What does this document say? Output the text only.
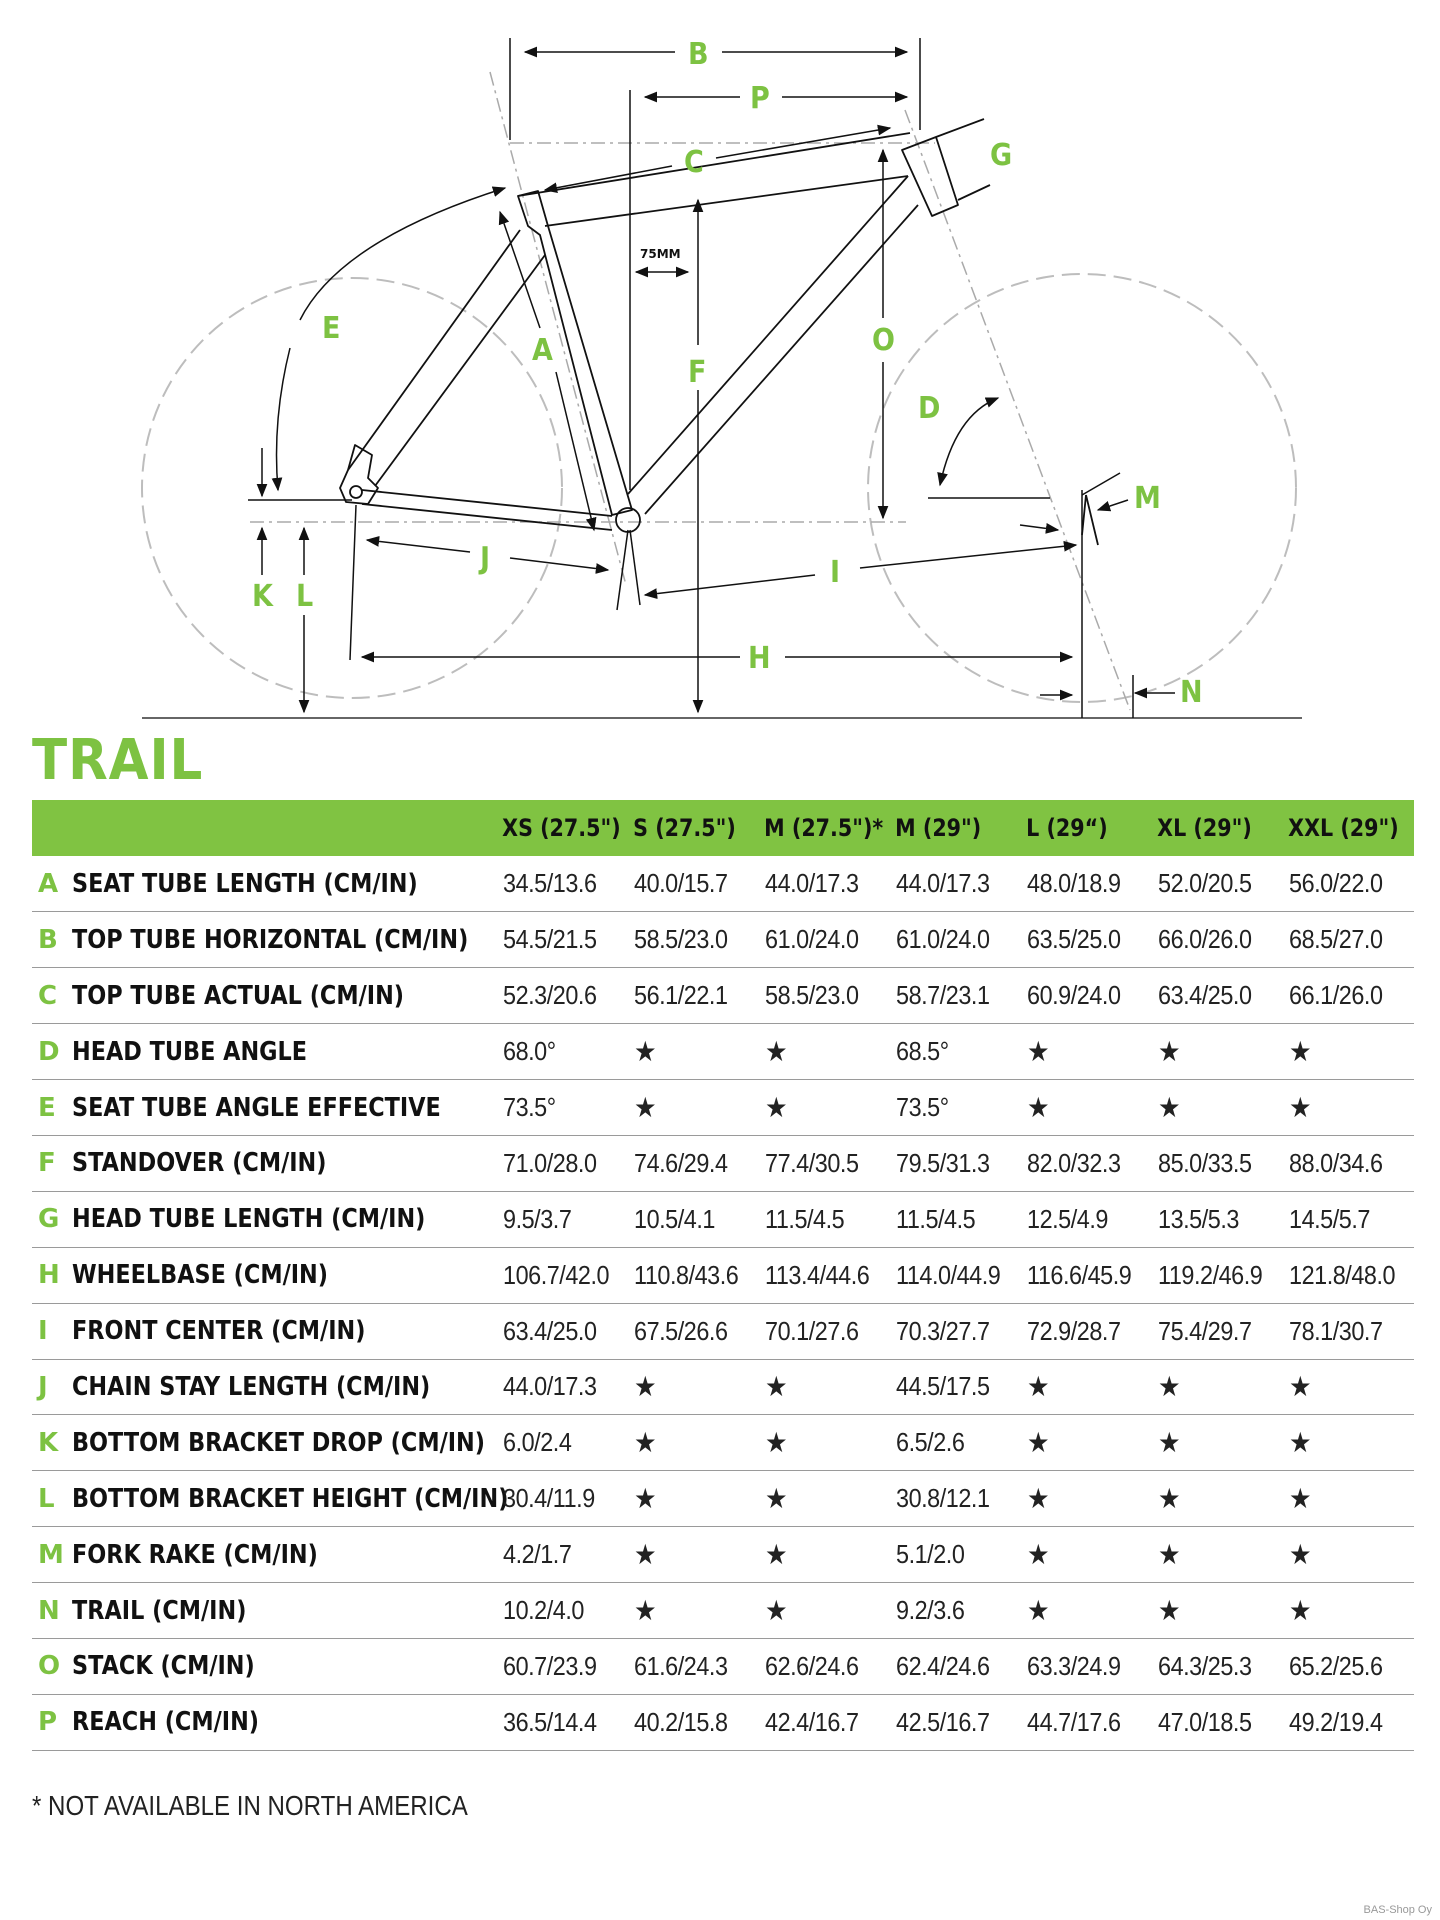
A
B
C
D
E
F
G
H
I
J
K L
M
N
O
P
75MM
TRAIL
		XS (27.5")	S (27.5")	M (27.5")*	M (29")	L (29“)	XL (29")	XXL (29")
A	SEAT TUBE LENGTH (CM/IN)	34.5/13.6	40.0/15.7	44.0/17.3	44.0/17.3	48.0/18.9	52.0/20.5	56.0/22.0
B	TOP TUBE HORIZONTAL (CM/IN)	54.5/21.5	58.5/23.0	61.0/24.0	61.0/24.0	63.5/25.0	66.0/26.0	68.5/27.0
C	TOP TUBE ACTUAL (CM/IN)	52.3/20.6	56.1/22.1	58.5/23.0	58.7/23.1	60.9/24.0	63.4/25.0	66.1/26.0
D	HEAD TUBE ANGLE	68.0°	★	★	68.5°	★	★	★
E	SEAT TUBE ANGLE EFFECTIVE	73.5°	★	★	73.5°	★	★	★
F	STANDOVER (CM/IN)	71.0/28.0	74.6/29.4	77.4/30.5	79.5/31.3	82.0/32.3	85.0/33.5	88.0/34.6
G	HEAD TUBE LENGTH (CM/IN)	9.5/3.7	10.5/4.1	11.5/4.5	11.5/4.5	12.5/4.9	13.5/5.3	14.5/5.7
H	WHEELBASE (CM/IN)	106.7/42.0	110.8/43.6	113.4/44.6	114.0/44.9	116.6/45.9	119.2/46.9	121.8/48.0
I	FRONT CENTER (CM/IN)	63.4/25.0	67.5/26.6	70.1/27.6	70.3/27.7	72.9/28.7	75.4/29.7	78.1/30.7
J	CHAIN STAY LENGTH (CM/IN)	44.0/17.3	★	★	44.5/17.5	★	★	★
K	BOTTOM BRACKET DROP (CM/IN)	6.0/2.4	★	★	6.5/2.6	★	★	★
L	BOTTOM BRACKET HEIGHT (CM/IN)	30.4/11.9	★	★	30.8/12.1	★	★	★
M	FORK RAKE (CM/IN)	4.2/1.7	★	★	5.1/2.0	★	★	★
N	TRAIL (CM/IN)	10.2/4.0	★	★	9.2/3.6	★	★	★
O	STACK (CM/IN)	60.7/23.9	61.6/24.3	62.6/24.6	62.4/24.6	63.3/24.9	64.3/25.3	65.2/25.6
P	REACH (CM/IN)	36.5/14.4	40.2/15.8	42.4/16.7	42.5/16.7	44.7/17.6	47.0/18.5	49.2/19.4
* NOT AVAILABLE IN NORTH AMERICA
BAS-Shop Oy
